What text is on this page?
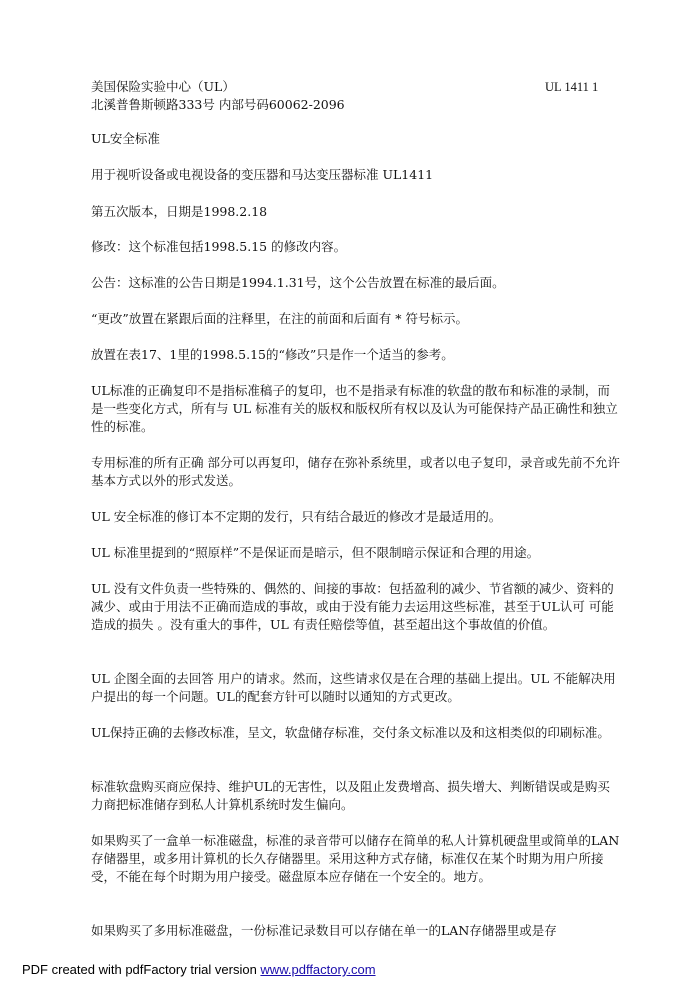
美国保险实验中心（UL）	UL 1411 1
北溪普鲁斯顿路333号 内部号码60062-2096
UL安全标准
用于视听设备或电视设备的变压器和马达变压器标准 UL1411
第五次版本，日期是1998.2.18
修改：这个标准包括1998.5.15 的修改内容。
公告：这标准的公告日期是1994.1.31号，这个公告放置在标准的最后面。
“更改”放置在紧跟后面的注释里，在注的前面和后面有 * 符号标示。
放置在表17、1里的1998.5.15的“修改”只是作一个适当的参考。
UL标准的正确复印不是指标准稿子的复印，也不是指录有标准的软盘的散布和标准的录制，而是一些变化方式，所有与 UL 标准有关的版权和版权所有权以及认为可能保持产品正确性和独立性的标准。
专用标准的所有正确 部分可以再复印，储存在弥补系统里，或者以电子复印，录音或先前不允许基本方式以外的形式发送。
UL 安全标准的修订本不定期的发行，只有结合最近的修改才是最适用的。
UL 标准里提到的“照原样”不是保证而是暗示，但不限制暗示保证和合理的用途。
UL 没有文件负责一些特殊的、偶然的、间接的事故：包括盈利的减少、节省额的减少、资料的减少、或由于用法不正确而造成的事故，或由于没有能力去运用这些标准，甚至于UL认可 可能造成的损失 。没有重大的事件，UL 有责任赔偿等值，甚至超出这个事故值的价值。
UL 企图全面的去回答 用户的请求。然而，这些请求仅是在合理的基础上提出。UL 不能解决用户提出的每一个问题。UL的配套方针可以随时以通知的方式更改。
UL保持正确的去修改标准，呈文，软盘储存标准，交付条文标准以及和这相类似的印刷标准。
标准软盘购买商应保持、维护UL的无害性，以及阻止发费增高、损失增大、判断错误或是购买力商把标准储存到私人计算机系统时发生偏向。
如果购买了一盒单一标准磁盘，标准的录音带可以储存在简单的私人计算机硬盘里或简单的LAN存储器里，或多用计算机的长久存储器里。采用这种方式存储，标准仅在某个时期为用户所接受，不能在每个时期为用户接受。磁盘原本应存储在一个安全的。地方。
如果购买了多用标准磁盘，一份标准记录数目可以存储在单一的LAN存储器里或是存
PDF created with pdfFactory trial version www.pdffactory.com
